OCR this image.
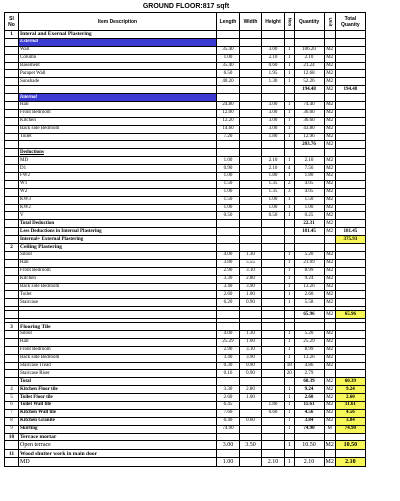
GROUND FLOOR:817 sqft
Sl No	Item Description	Length	Width	Height	Nos	Quantity	Unit	Total Quanity
1	Interal and Exernal Plastering							
	External							
	Wall	35.40		3.00	1	106.20	M2	
	Column	1.00		2.10	1	2.10	M2	
	Basement	35.40		0.60	1	21.24	M2	
	Parapet Wall	6.50		1.95	1	12.68	M2	
	Sunshade	40.20		1.30	1	52.26	M2	
						194.48	M2	194.48
	Internal							
	Hall	24.80		3.00	1	74.40	M2	
	Front Bedroom	12.00		3.00	1	36.00	M2	
	Kitchen	12.20		3.00	1	36.60	M2	
	Back side Bedroom	14.60		3.00	1	43.80	M2	
	Toilet	7.20		1.80	1	12.96	M2	
						203.76	M2	
	Deductions							
	MD	1.00		2.10	1	2.10	M2	
	D1	0.90		2.10	4	7.56	M2	
	FW2	1.00		1.80	1	1.80	M2	
	W1	1.50		1.35	2	4.05	M2	
	W2	1.00		1.35	3	4.05	M2	
	KW3	1.50		1.00	1	1.50	M2	
	KW2	1.00		1.00	1	1.00	M2	
	V	0.50		0.50	1	0.25	M2	
	Total Deduction					22.31	M2	
	Less Deductions in Internal Plastering					181.45	M2	181.45
	Internal+ External Plastering							375.93
2	Ceiling Plastering							
	Sitout	4.00	1.30		1	5.20	M2	
	Hall	3.80	5.55		1	21.09	M2	
	Front Bedroom	2.90	3.10		1	8.99	M2	
	Kitchen	3.30	2.80		1	9.24	M2	
	Back side Bedroom	3.40	3.90		1	13.26	M2	
	Toilet	2.60	1.00		1	2.60	M2	
	Staircase	6.20	0.90		1	5.58	M2	

						65.96	M2	65.96

3	Flooring Tile							
	Sitout	4.00	1.30		1	5.20	M2	
	Hall	25.29	1.00		1	25.29	M2	
	Front Bedroom	2.90	3.10		1	8.99	M2	
	Back side Bedroom	3.40	3.90		1	13.26	M2	
	Staircase Tread	0.30	0.90		18	4.86	M2	
	Staircase Riser	0.16	0.90		20	2.79		
	Total					60.39	M2	60.39
4	Kitchen Floor tile	3.30	2.80		1	9.24	M2	9.24
5	Toilet Floor tile	2.60	1.00		1	2.60	M2	2.60
6	Toilet Wall tile	6.45		1.80	1	11.61	M2	11.61
7	Kitchen Wall tile	7.60		0.60	1	4.56	M2	4.56
8	Kitchen Granite	6.40	0.60		1	3.84	M2	3.84
9	Skirting	74.90			1	74.90	M	74.90
10	Terrace mortar							
	Open terrace	3.00	3.50		1	10.50	M2	10.50
11	Wood shutter work in main door							
	MD	1.00		2.10	1	2.10	M2	2.10
